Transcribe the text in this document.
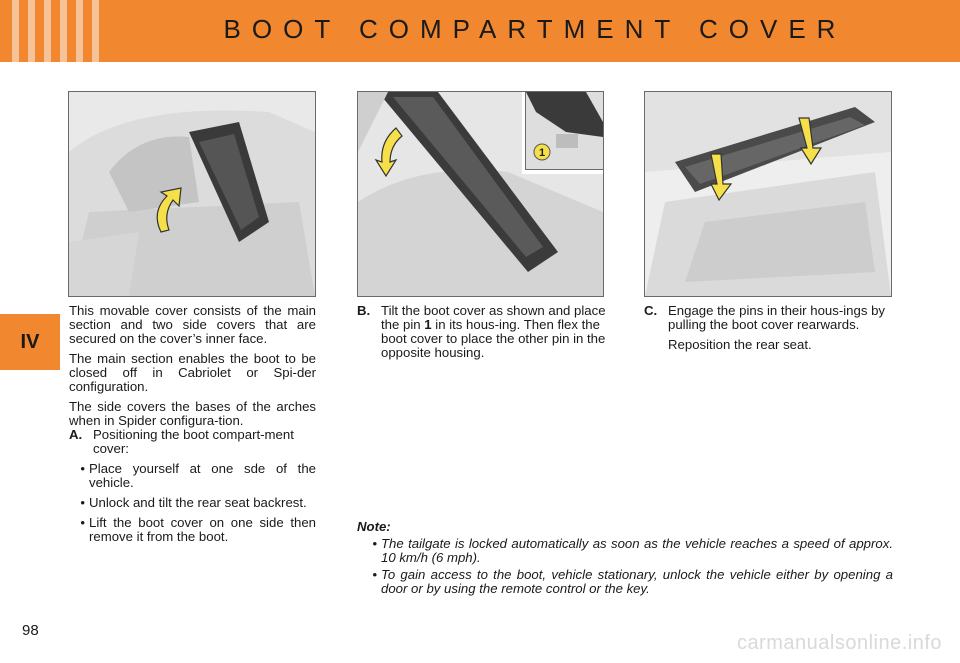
BOOT COMPARTMENT COVER
IV
1

This movable cover consists of the main section and two side covers that are secured on the cover’s inner face.

The main section enables the boot to be closed off in Cabriolet or Spi-der configuration.

The side covers the bases of the arches when in Spider configura-tion.

A. Positioning the boot compart-ment cover:
• Place yourself at one sde of the vehicle.
• Unlock and tilt the rear seat backrest.
• Lift the boot cover on one side then remove it from the boot.
B. Tilt the boot cover as shown and place the pin 1 in its hous-ing. Then flex the boot cover to place the other pin in the opposite housing.
C. Engage the pins in their hous-ings by pulling the boot cover rearwards.
Reposition the rear seat.
Note:
• The tailgate is locked automatically as soon as the vehicle reaches a speed of approx. 10 km/h (6 mph).
• To gain access to the boot, vehicle stationary, unlock the vehicle either by opening a door or by using the remote control or the key.
98
carmanualsonline.info
